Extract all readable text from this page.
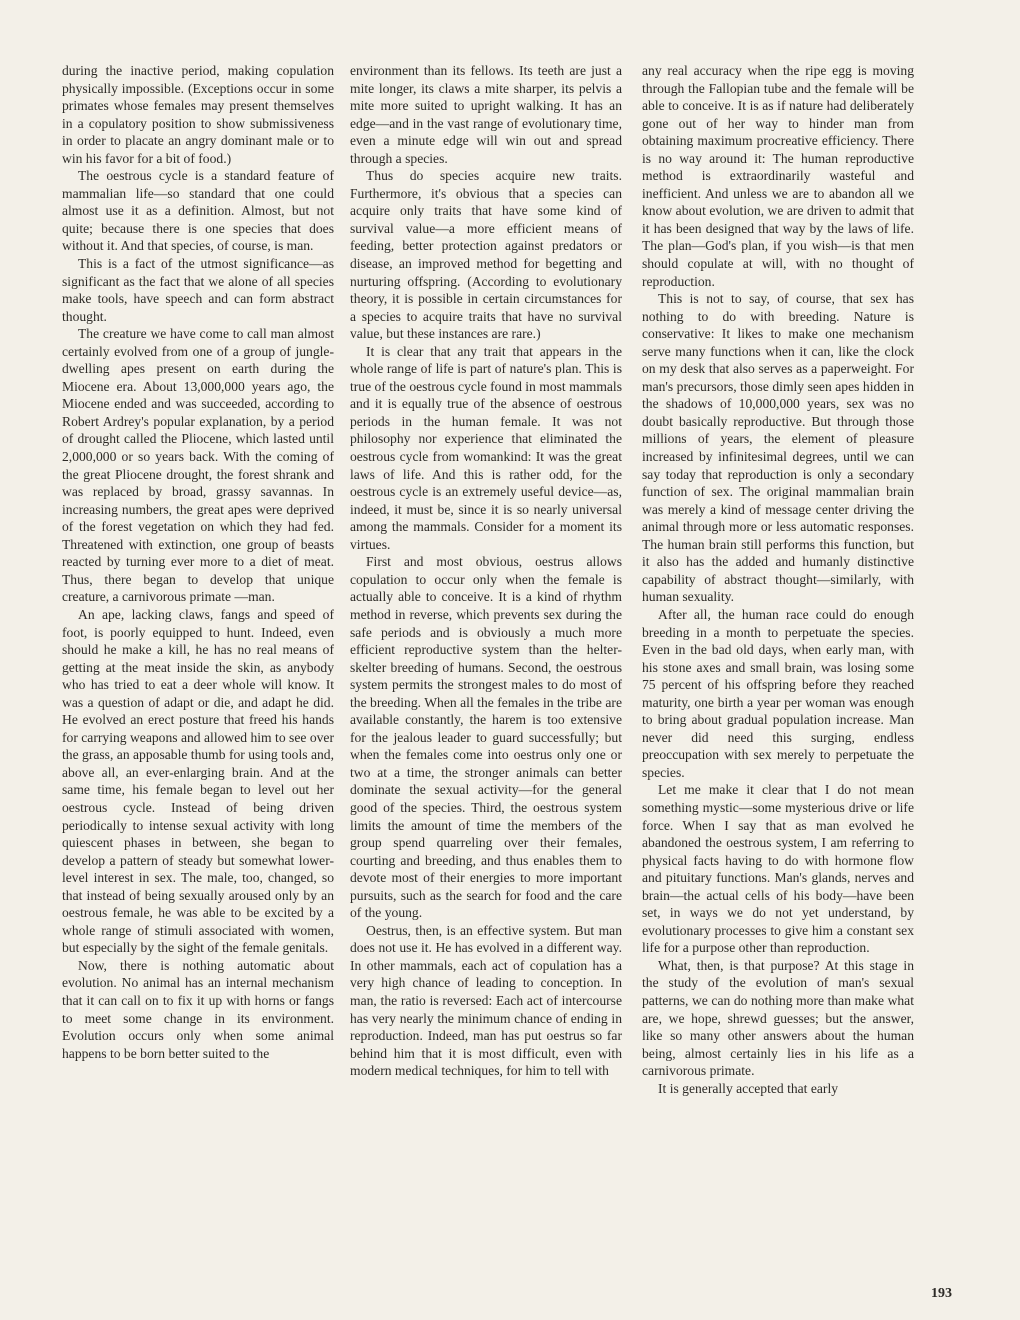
during the inactive period, making copulation physically impossible. (Exceptions occur in some primates whose females may present themselves in a copulatory position to show submissiveness in order to placate an angry dominant male or to win his favor for a bit of food.)

The oestrous cycle is a standard feature of mammalian life—so standard that one could almost use it as a definition. Almost, but not quite; because there is one species that does without it. And that species, of course, is man.

This is a fact of the utmost significance—as significant as the fact that we alone of all species make tools, have speech and can form abstract thought.

The creature we have come to call man almost certainly evolved from one of a group of jungle-dwelling apes present on earth during the Miocene era. About 13,000,000 years ago, the Miocene ended and was succeeded, according to Robert Ardrey's popular explanation, by a period of drought called the Pliocene, which lasted until 2,000,000 or so years back. With the coming of the great Pliocene drought, the forest shrank and was replaced by broad, grassy savannas. In increasing numbers, the great apes were deprived of the forest vegetation on which they had fed. Threatened with extinction, one group of beasts reacted by turning ever more to a diet of meat. Thus, there began to develop that unique creature, a carnivorous primate —man.

An ape, lacking claws, fangs and speed of foot, is poorly equipped to hunt. Indeed, even should he make a kill, he has no real means of getting at the meat inside the skin, as anybody who has tried to eat a deer whole will know. It was a question of adapt or die, and adapt he did. He evolved an erect posture that freed his hands for carrying weapons and allowed him to see over the grass, an apposable thumb for using tools and, above all, an ever-enlarging brain. And at the same time, his female began to level out her oestrous cycle. Instead of being driven periodically to intense sexual activity with long quiescent phases in between, she began to develop a pattern of steady but somewhat lower-level interest in sex. The male, too, changed, so that instead of being sexually aroused only by an oestrous female, he was able to be excited by a whole range of stimuli associated with women, but especially by the sight of the female genitals.

Now, there is nothing automatic about evolution. No animal has an internal mechanism that it can call on to fix it up with horns or fangs to meet some change in its environment. Evolution occurs only when some animal happens to be born better suited to the

environment than its fellows. Its teeth are just a mite longer, its claws a mite sharper, its pelvis a mite more suited to upright walking. It has an edge—and in the vast range of evolutionary time, even a minute edge will win out and spread through a species.

Thus do species acquire new traits. Furthermore, it's obvious that a species can acquire only traits that have some kind of survival value—a more efficient means of feeding, better protection against predators or disease, an improved method for begetting and nurturing offspring. (According to evolutionary theory, it is possible in certain circumstances for a species to acquire traits that have no survival value, but these instances are rare.)

It is clear that any trait that appears in the whole range of life is part of nature's plan. This is true of the oestrous cycle found in most mammals and it is equally true of the absence of oestrous periods in the human female. It was not philosophy nor experience that eliminated the oestrous cycle from womankind: It was the great laws of life. And this is rather odd, for the oestrous cycle is an extremely useful device—as, indeed, it must be, since it is so nearly universal among the mammals. Consider for a moment its virtues.

First and most obvious, oestrus allows copulation to occur only when the female is actually able to conceive. It is a kind of rhythm method in reverse, which prevents sex during the safe periods and is obviously a much more efficient reproductive system than the helter-skelter breeding of humans. Second, the oestrous system permits the strongest males to do most of the breeding. When all the females in the tribe are available constantly, the harem is too extensive for the jealous leader to guard successfully; but when the females come into oestrus only one or two at a time, the stronger animals can better dominate the sexual activity—for the general good of the species. Third, the oestrous system limits the amount of time the members of the group spend quarreling over their females, courting and breeding, and thus enables them to devote most of their energies to more important pursuits, such as the search for food and the care of the young.

Oestrus, then, is an effective system. But man does not use it. He has evolved in a different way. In other mammals, each act of copulation has a very high chance of leading to conception. In man, the ratio is reversed: Each act of intercourse has very nearly the minimum chance of ending in reproduction. Indeed, man has put oestrus so far behind him that it is most difficult, even with modern medical techniques, for him to tell with

any real accuracy when the ripe egg is moving through the Fallopian tube and the female will be able to conceive. It is as if nature had deliberately gone out of her way to hinder man from obtaining maximum procreative efficiency. There is no way around it: The human reproductive method is extraordinarily wasteful and inefficient. And unless we are to abandon all we know about evolution, we are driven to admit that it has been designed that way by the laws of life. The plan—God's plan, if you wish—is that men should copulate at will, with no thought of reproduction.

This is not to say, of course, that sex has nothing to do with breeding. Nature is conservative: It likes to make one mechanism serve many functions when it can, like the clock on my desk that also serves as a paperweight. For man's precursors, those dimly seen apes hidden in the shadows of 10,000,000 years, sex was no doubt basically reproductive. But through those millions of years, the element of pleasure increased by infinitesimal degrees, until we can say today that reproduction is only a secondary function of sex. The original mammalian brain was merely a kind of message center driving the animal through more or less automatic responses. The human brain still performs this function, but it also has the added and humanly distinctive capability of abstract thought—similarly, with human sexuality.

After all, the human race could do enough breeding in a month to perpetuate the species. Even in the bad old days, when early man, with his stone axes and small brain, was losing some 75 percent of his offspring before they reached maturity, one birth a year per woman was enough to bring about gradual population increase. Man never did need this surging, endless preoccupation with sex merely to perpetuate the species.

Let me make it clear that I do not mean something mystic—some mysterious drive or life force. When I say that as man evolved he abandoned the oestrous system, I am referring to physical facts having to do with hormone flow and pituitary functions. Man's glands, nerves and brain—the actual cells of his body—have been set, in ways we do not yet understand, by evolutionary processes to give him a constant sex life for a purpose other than reproduction.

What, then, is that purpose? At this stage in the study of the evolution of man's sexual patterns, we can do nothing more than make what are, we hope, shrewd guesses; but the answer, like so many other answers about the human being, almost certainly lies in his life as a carnivorous primate.

It is generally accepted that early

193
